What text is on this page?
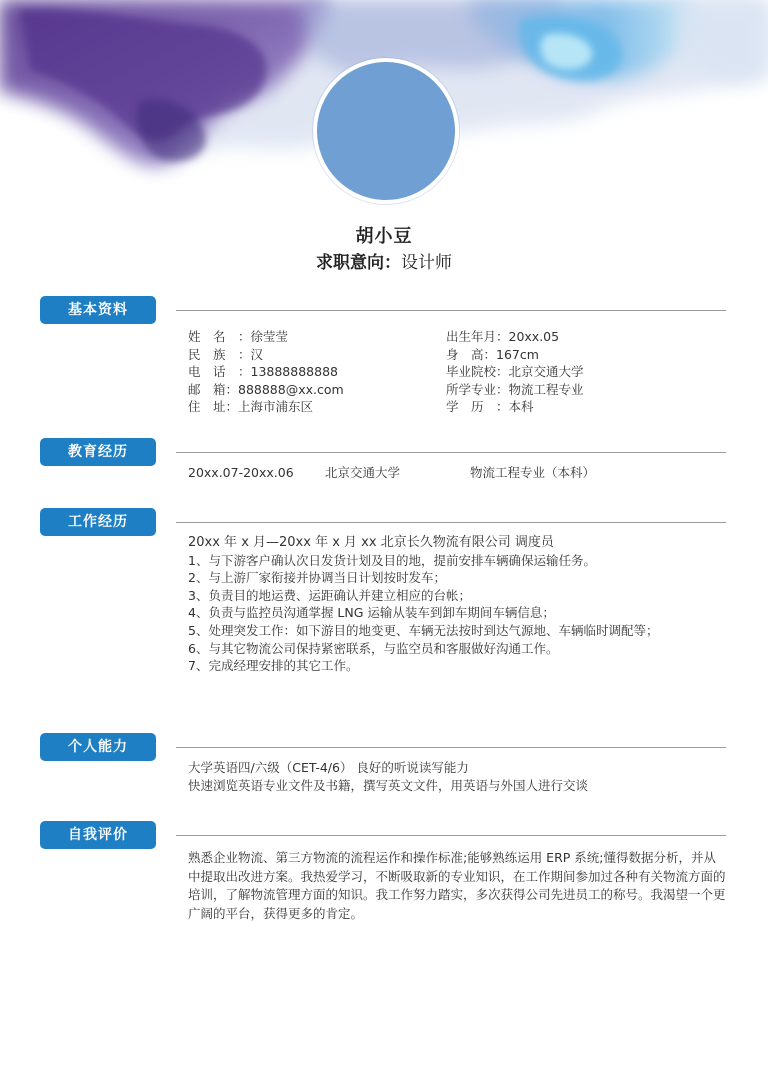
胡小豆
求职意向：设计师
基本资料
姓　名　：徐莹莹
民　族　：汉
电　话　：13888888888
邮　箱：888888@xx.com
住　址：上海市浦东区
出生年月：20xx.05
身　高：167cm
毕业院校：北京交通大学
所学专业：物流工程专业
学　历　：本科
教育经历
20xx.07-20xx.06	北京交通大学	物流工程专业（本科）
工作经历
20xx 年 x 月—20xx 年 x 月 xx 北京长久物流有限公司 调度员
1、与下游客户确认次日发货计划及目的地，提前安排车辆确保运输任务。
2、与上游厂家衔接并协调当日计划按时发车；
3、负责目的地运费、运距确认并建立相应的台帐；
4、负责与监控员沟通掌握 LNG 运输从装车到卸车期间车辆信息；
5、处理突发工作：如下游目的地变更、车辆无法按时到达气源地、车辆临时调配等；
6、与其它物流公司保持紧密联系，与监空员和客服做好沟通工作。
7、完成经理安排的其它工作。
个人能力
大学英语四/六级（CET-4/6） 良好的听说读写能力
快速浏览英语专业文件及书籍，撰写英文文件，用英语与外国人进行交谈
自我评价
熟悉企业物流、第三方物流的流程运作和操作标准;能够熟练运用 ERP 系统;懂得数据分析，并从中提取出改进方案。我热爱学习，不断吸取新的专业知识，在工作期间参加过各种有关物流方面的培训，了解物流管理方面的知识。我工作努力踏实，多次获得公司先进员工的称号。我渴望一个更广阔的平台，获得更多的肯定。
